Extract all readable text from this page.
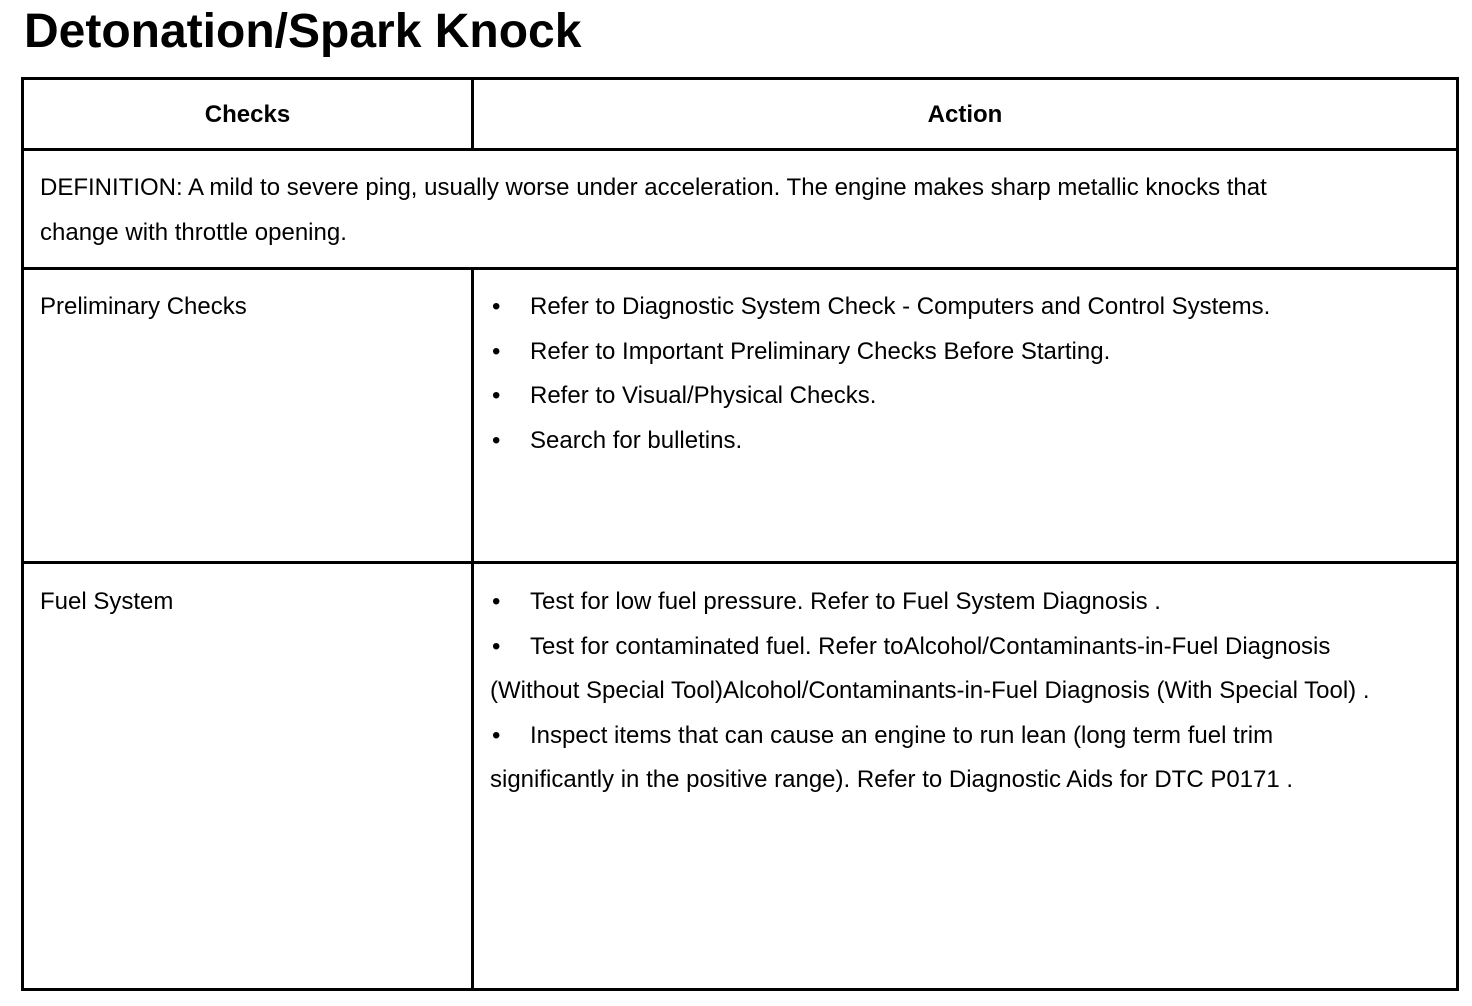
Detonation/Spark Knock
Checks	Action
DEFINITION: A mild to severe ping, usually worse under acceleration. The engine makes sharp metallic knocks that change with throttle opening.
Preliminary Checks	• Refer to Diagnostic System Check - Computers and Control Systems.
• Refer to Important Preliminary Checks Before Starting.
• Refer to Visual/Physical Checks.
• Search for bulletins.
Fuel System	• Test for low fuel pressure. Refer to Fuel System Diagnosis .
• Test for contaminated fuel. Refer toAlcohol/Contaminants-in-Fuel Diagnosis (Without Special Tool)Alcohol/Contaminants-in-Fuel Diagnosis (With Special Tool) .
• Inspect items that can cause an engine to run lean (long term fuel trim significantly in the positive range). Refer to Diagnostic Aids for DTC P0171 .
